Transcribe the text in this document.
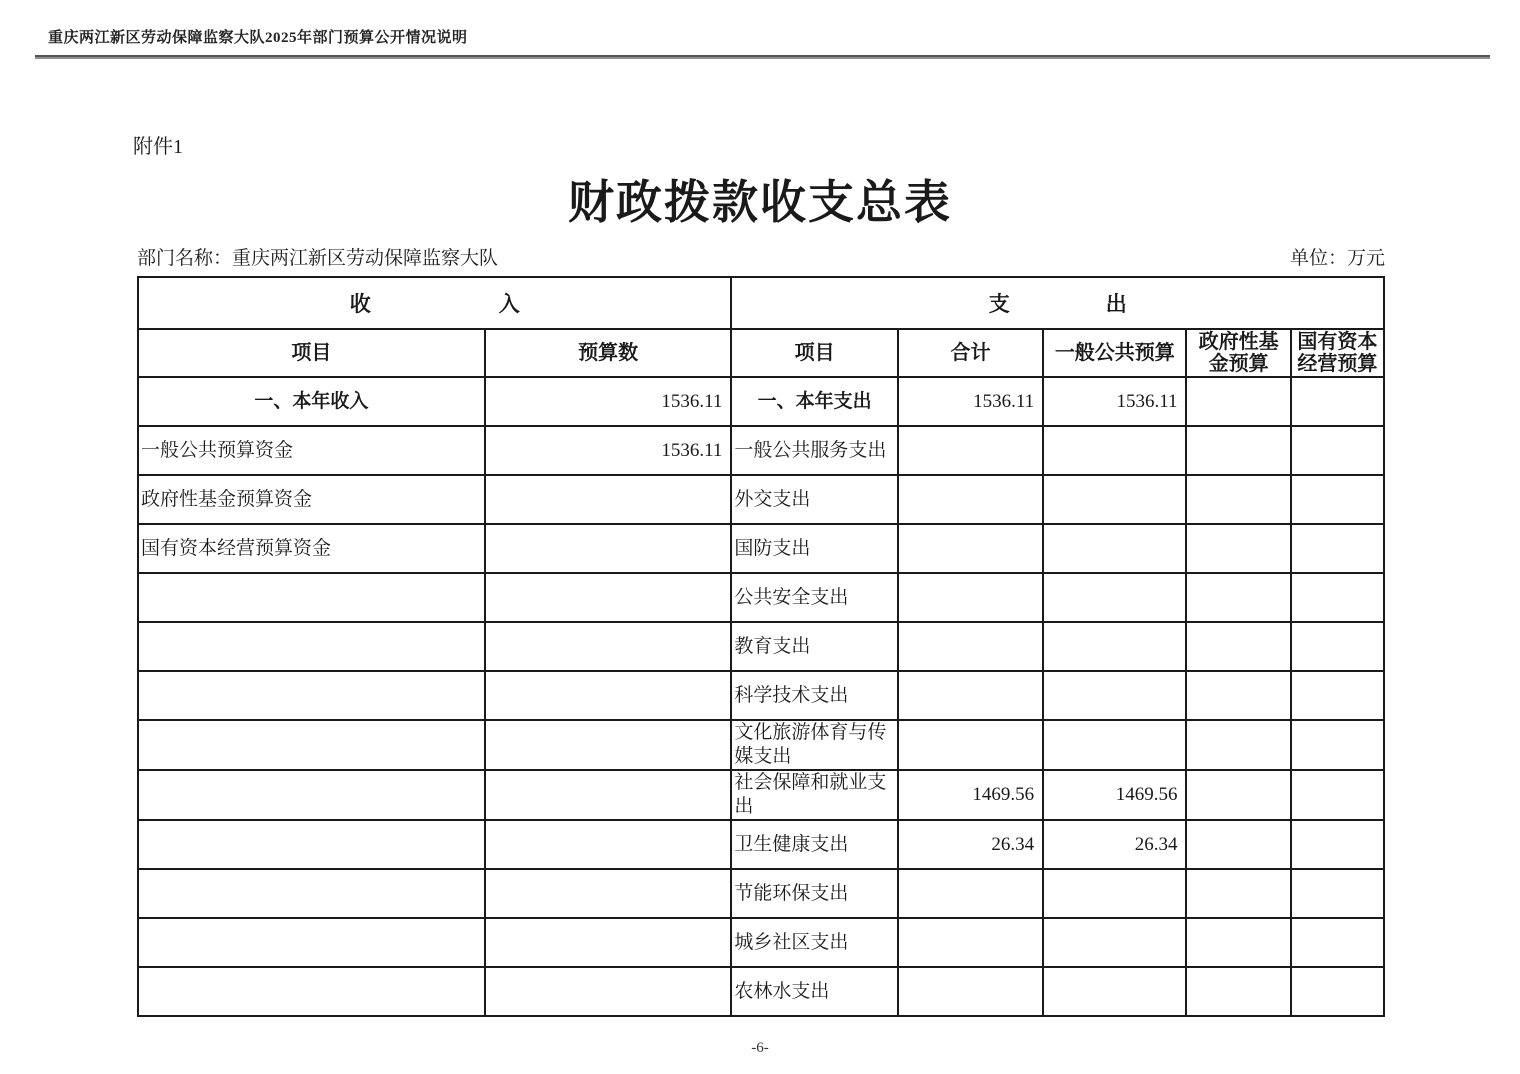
重庆两江新区劳动保障监察大队2025年部门预算公开情况说明
附件1
财政拨款收支总表
部门名称：重庆两江新区劳动保障监察大队	单位：万元
收入		支出				
项目	预算数	项目	合计	一般公共预算	政府性基金预算	国有资本经营预算
一、本年收入	1536.11	一、本年支出	1536.11	1536.11		
一般公共预算资金	1536.11	一般公共服务支出				
政府性基金预算资金		外交支出				
国有资本经营预算资金		国防支出				
		公共安全支出				
		教育支出				
		科学技术支出				
		文化旅游体育与传媒支出				
		社会保障和就业支出	1469.56	1469.56		
		卫生健康支出	26.34	26.34		
		节能环保支出				
		城乡社区支出				
		农林水支出				
-6-
